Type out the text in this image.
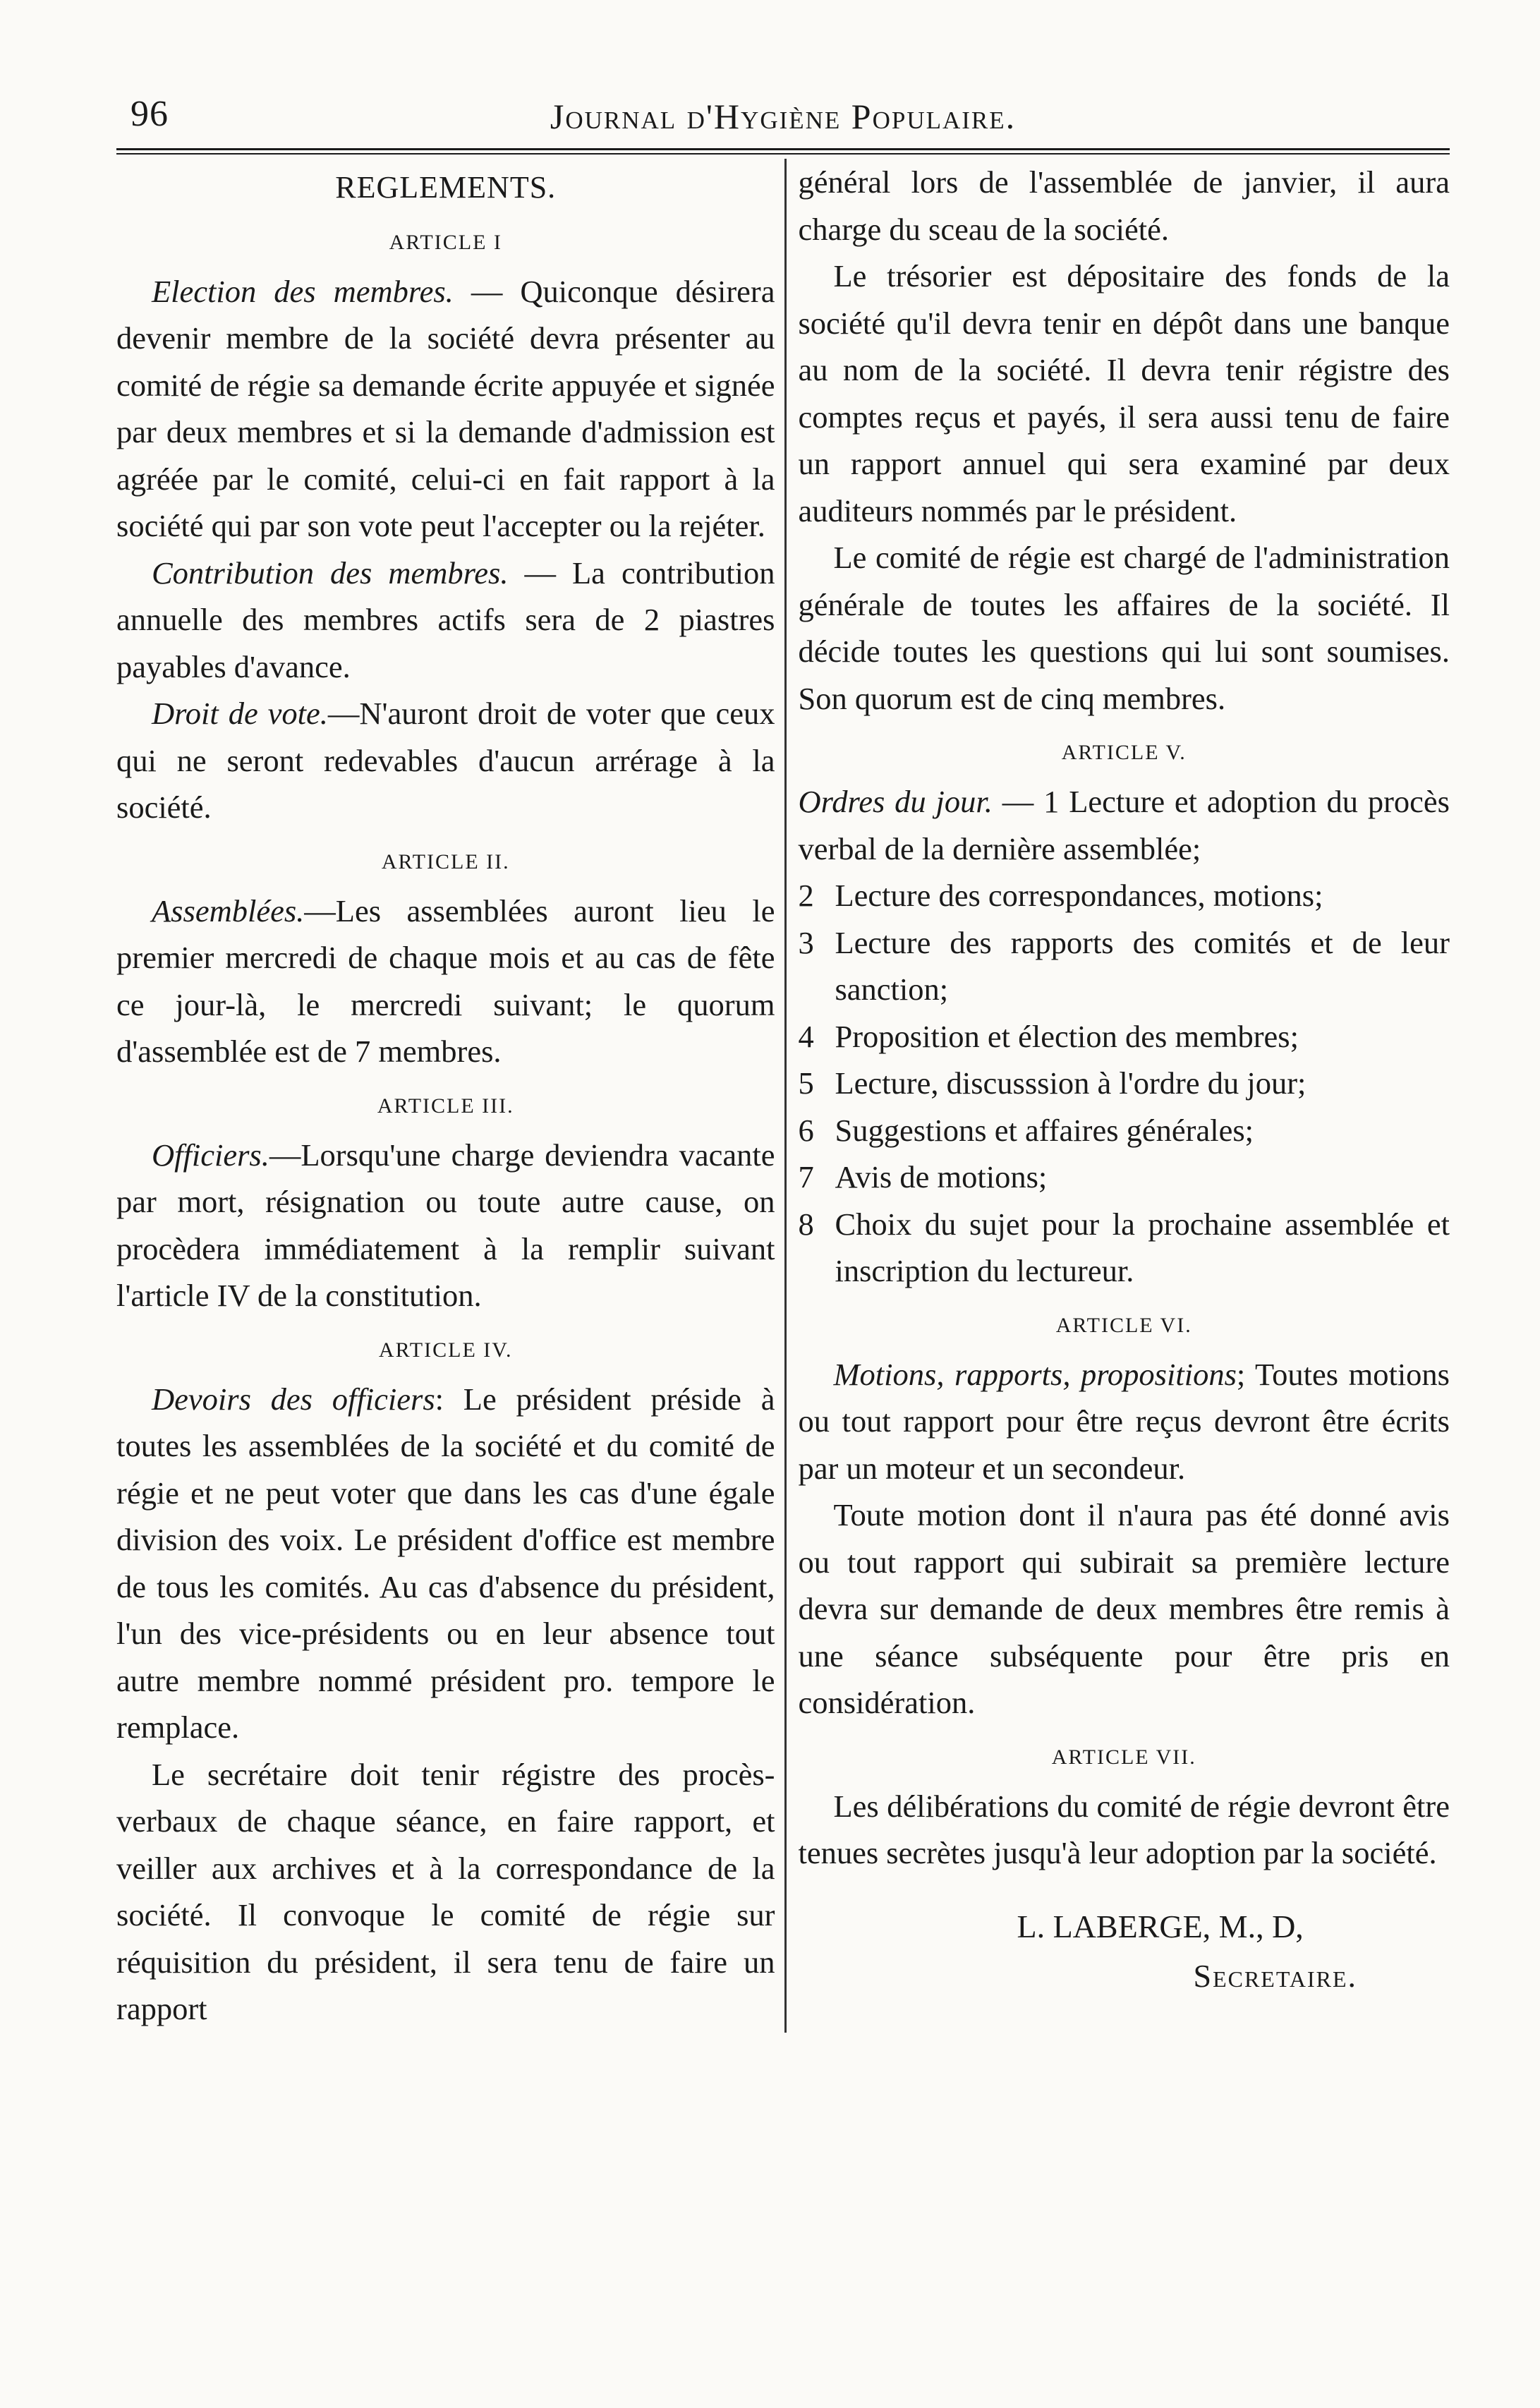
96	Journal d'Hygiène Populaire.
REGLEMENTS.
ARTICLE I

Election des membres. — Quiconque désirera devenir membre de la société devra présenter au comité de régie sa demande écrite appuyée et signée par deux membres et si la demande d'admission est agréée par le comité, celui-ci en fait rapport à la société qui par son vote peut l'accepter ou la rejéter.

Contribution des membres. — La contribution annuelle des membres actifs sera de 2 piastres payables d'avance.

Droit de vote.—N'auront droit de voter que ceux qui ne seront redevables d'aucun arrérage à la société.

ARTICLE II.

Assemblées.—Les assemblées auront lieu le premier mercredi de chaque mois et au cas de fête ce jour-là, le mercredi suivant; le quorum d'assemblée est de 7 membres.

ARTICLE III.

Officiers.—Lorsqu'une charge deviendra vacante par mort, résignation ou toute autre cause, on procèdera immédiatement à la remplir suivant l'article IV de la constitution.

ARTICLE IV.

Devoirs des officiers: Le président préside à toutes les assemblées de la société et du comité de régie et ne peut voter que dans les cas d'une égale division des voix. Le président d'office est membre de tous les comités. Au cas d'absence du président, l'un des vice-présidents ou en leur absence tout autre membre nommé président pro. tempore le remplace.

Le secrétaire doit tenir régistre des procès-verbaux de chaque séance, en faire rapport, et veiller aux archives et à la correspondance de la société. Il convoque le comité de régie sur réquisition du président, il sera tenu de faire un rapport

général lors de l'assemblée de janvier, il aura charge du sceau de la société.

Le trésorier est dépositaire des fonds de la société qu'il devra tenir en dépôt dans une banque au nom de la société. Il devra tenir régistre des comptes reçus et payés, il sera aussi tenu de faire un rapport annuel qui sera examiné par deux auditeurs nommés par le président.

Le comité de régie est chargé de l'administration générale de toutes les affaires de la société. Il décide toutes les questions qui lui sont soumises. Son quorum est de cinq membres.

ARTICLE V.
Ordres du jour. — 1 Lecture et adoption du procès verbal de la dernière assemblée;
2 Lecture des correspondances, motions;
3 Lecture des rapports des comités et de leur sanction;
4 Proposition et élection des membres;
5 Lecture, discusssion à l'ordre du jour;
6 Suggestions et affaires générales;
7 Avis de motions;
8 Choix du sujet pour la prochaine assemblée et inscription du lectureur.
ARTICLE VI.

Motions, rapports, propositions; Toutes motions ou tout rapport pour être reçus devront être écrits par un moteur et un secondeur.

Toute motion dont il n'aura pas été donné avis ou tout rapport qui subirait sa première lecture devra sur demande de deux membres être remis à une séance subséquente pour être pris en considération.

ARTICLE VII.

Les délibérations du comité de régie devront être tenues secrètes jusqu'à leur adoption par la société.

L. LABERGE, M., D,
Secretaire.
